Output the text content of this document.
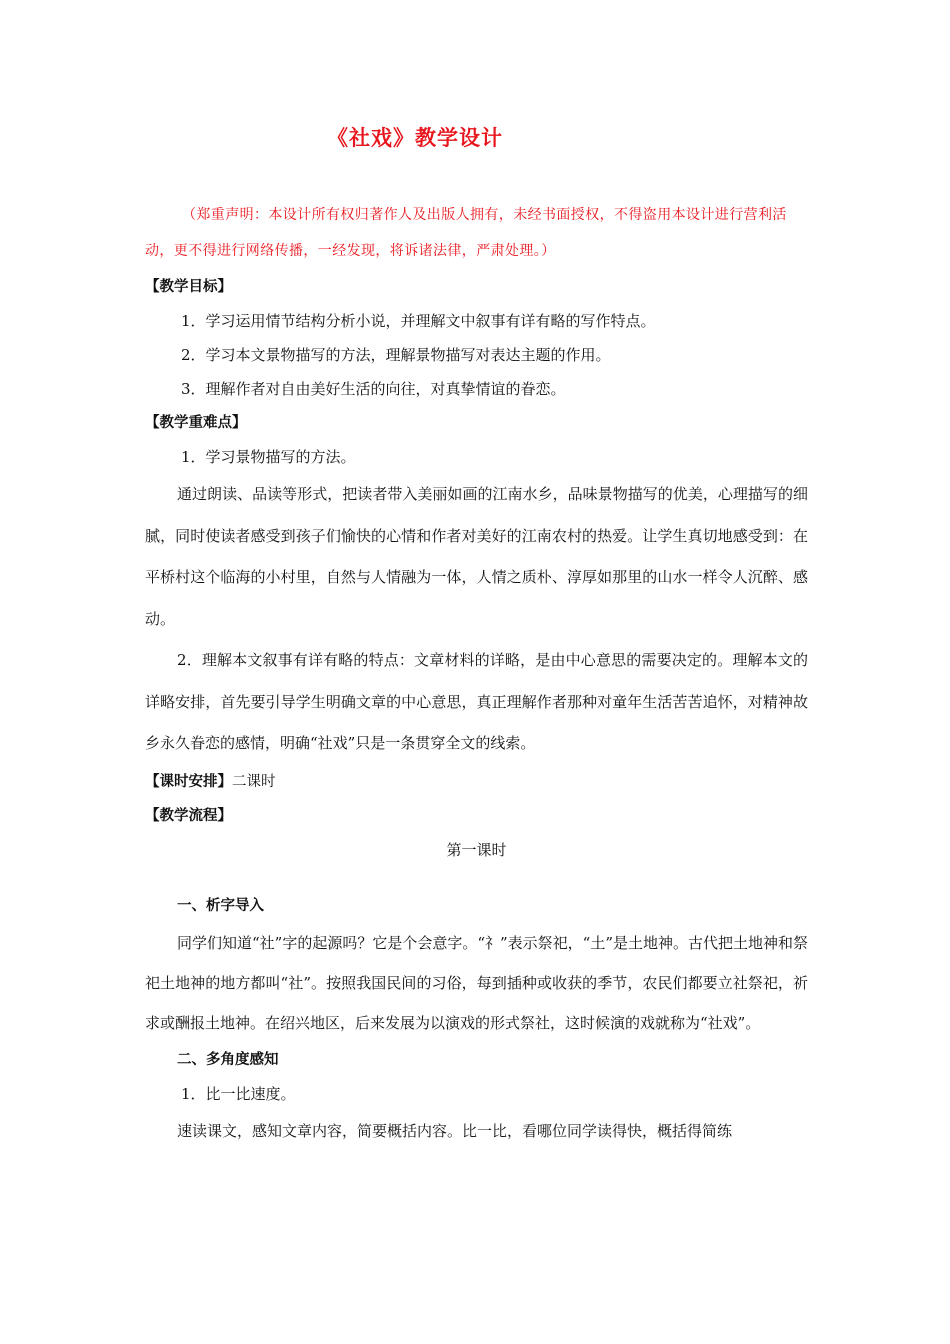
《社戏》教学设计
（郑重声明：本设计所有权归著作人及出版人拥有，未经书面授权，不得盗用本设计进行营利活动，更不得进行网络传播，一经发现，将诉诸法律，严肃处理。）
【教学目标】
1．学习运用情节结构分析小说，并理解文中叙事有详有略的写作特点。
2．学习本文景物描写的方法，理解景物描写对表达主题的作用。
3．理解作者对自由美好生活的向往，对真挚情谊的眷恋。
【教学重难点】
1．学习景物描写的方法。
通过朗读、品读等形式，把读者带入美丽如画的江南水乡，品味景物描写的优美，心理描写的细腻，同时使读者感受到孩子们愉快的心情和作者对美好的江南农村的热爱。让学生真切地感受到：在平桥村这个临海的小村里，自然与人情融为一体，人情之质朴、淳厚如那里的山水一样令人沉醉、感动。
2．理解本文叙事有详有略的特点：文章材料的详略，是由中心意思的需要决定的。理解本文的详略安排，首先要引导学生明确文章的中心意思，真正理解作者那种对童年生活苦苦追怀，对精神故乡永久眷恋的感情，明确“社戏”只是一条贯穿全文的线索。
【课时安排】二课时
【教学流程】
第一课时
一、析字导入
同学们知道“社”字的起源吗？它是个会意字。“礻”表示祭祀，“土”是土地神。古代把土地神和祭祀土地神的地方都叫“社”。按照我国民间的习俗，每到插种或收获的季节，农民们都要立社祭祀，祈求或酬报土地神。在绍兴地区，后来发展为以演戏的形式祭社，这时候演的戏就称为“社戏”。
二、多角度感知
1．比一比速度。
速读课文，感知文章内容，简要概括内容。比一比，看哪位同学读得快，概括得简练
